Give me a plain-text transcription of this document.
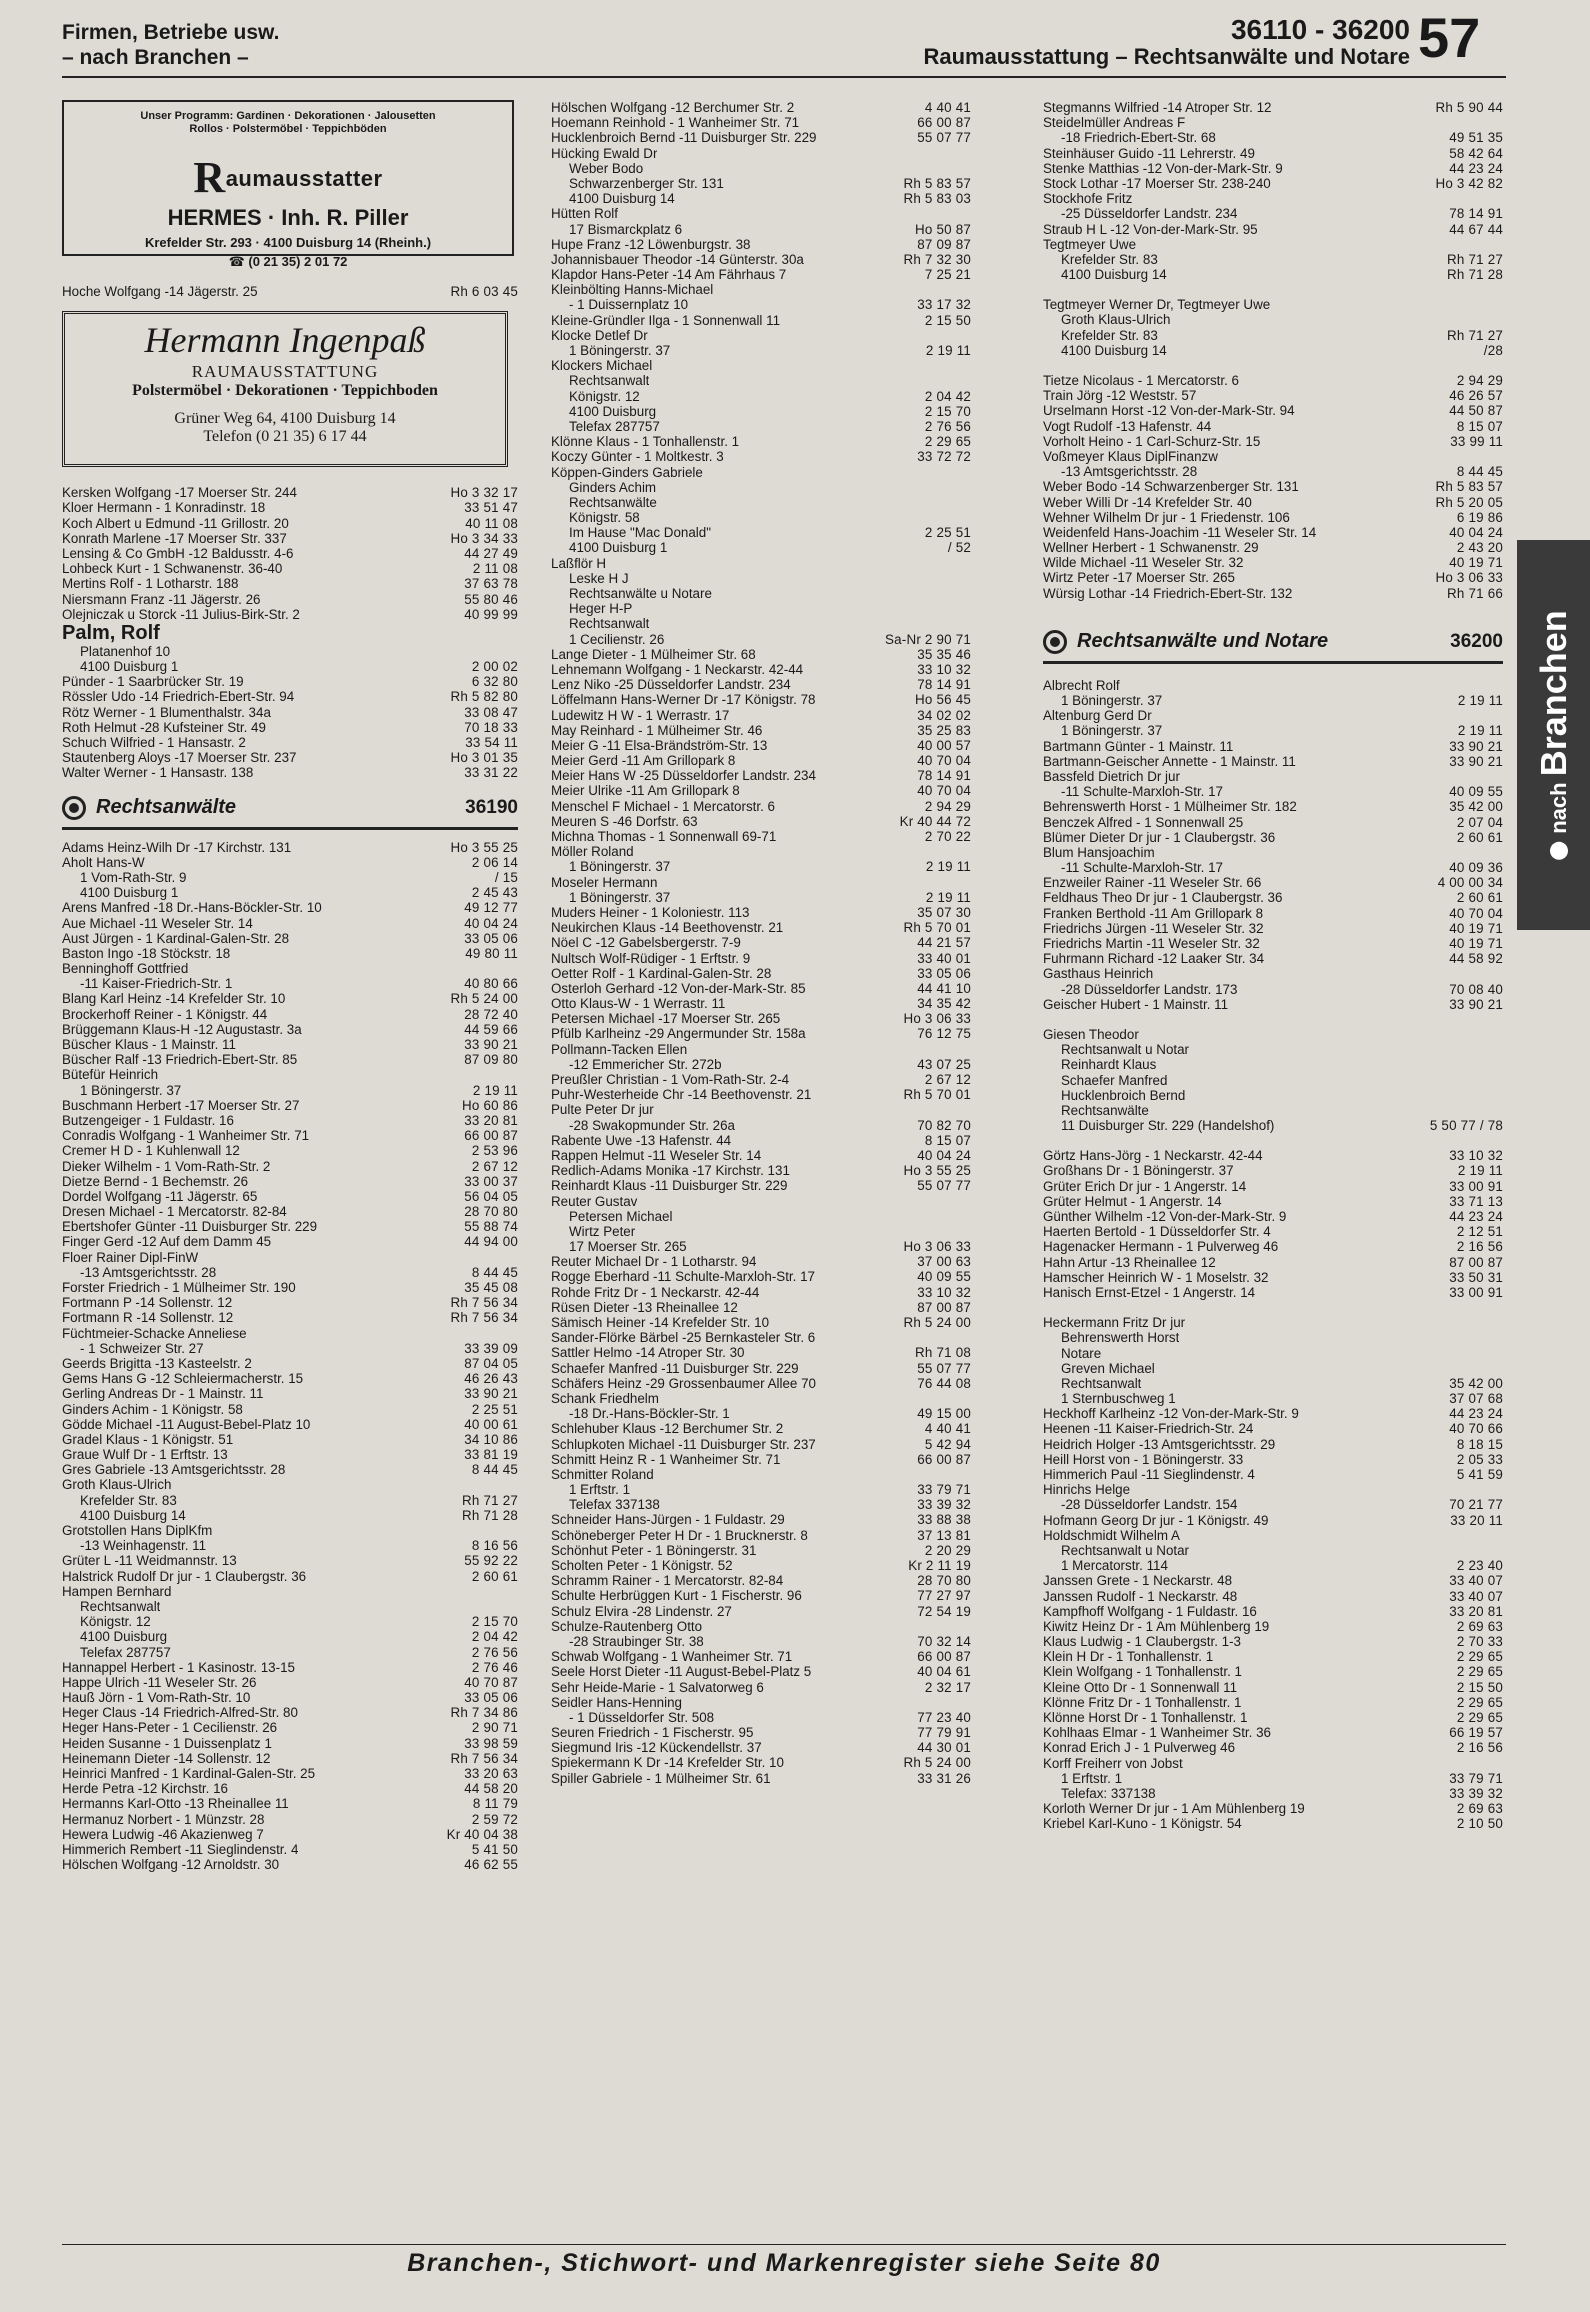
Firmen, Betriebe usw.
– nach Branchen –
36110 - 36200
Raumausstattung – Rechtsanwälte und Notare 57
Unser Programm: Gardinen · Dekorationen · Jalousetten
Rollos · Polstermöbel · Teppichböden
Raumausstatter
HERMES · Inh. R. Piller
Krefelder Str. 293 · 4100 Duisburg 14 (Rheinh.)
☎ (0 21 35) 2 01 72
Hoche Wolfgang -14 Jägerstr. 25	Rh 6 03 45
Hermann Ingenpaß
RAUMAUSSTATTUNG
Polstermöbel · Dekorationen · Teppichboden
Grüner Weg 64, 4100 Duisburg 14
Telefon (0 21 35) 6 17 44
Kersken Wolfgang -17 Moerser Str. 244	Ho 3 32 17
Kloer Hermann - 1 Konradinstr. 18	33 51 47
Koch Albert u Edmund -11 Grillostr. 20	40 11 08
Konrath Marlene -17 Moerser Str. 337	Ho 3 34 33
Lensing & Co GmbH -12 Baldusstr. 4-6	44 27 49
Lohbeck Kurt - 1 Schwanenstr. 36-40	2 11 08
Mertins Rolf - 1 Lotharstr. 188	37 63 78
Niersmann Franz -11 Jägerstr. 26	55 80 46
Olejniczak u Storck -11 Julius-Birk-Str. 2	40 99 99
Palm, Rolf
Platanenhof 10
4100 Duisburg 1	2 00 02
Pünder - 1 Saarbrücker Str. 19	6 32 80
Rössler Udo -14 Friedrich-Ebert-Str. 94	Rh 5 82 80
Rötz Werner - 1 Blumenthalstr. 34a	33 08 47
Roth Helmut -28 Kufsteiner Str. 49	70 18 33
Schuch Wilfried - 1 Hansastr. 2	33 54 11
Stautenberg Aloys -17 Moerser Str. 237	Ho 3 01 35
Walter Werner - 1 Hansastr. 138	33 31 22
Rechtsanwälte	36190
Adams Heinz-Wilh Dr -17 Kirchstr. 131	Ho 3 55 25
Aholt Hans-W	2 06 14
1 Vom-Rath-Str. 9	/ 15
4100 Duisburg 1	2 45 43
Arens Manfred -18 Dr.-Hans-Böckler-Str. 10	49 12 77
Aue Michael -11 Weseler Str. 14	40 04 24
Aust Jürgen - 1 Kardinal-Galen-Str. 28	33 05 06
Baston Ingo -18 Stöckstr. 18	49 80 11
Benninghoff Gottfried
-11 Kaiser-Friedrich-Str. 1	40 80 66
Blang Karl Heinz -14 Krefelder Str. 10	Rh 5 24 00
Brockerhoff Reiner - 1 Königstr. 44	28 72 40
Brüggemann Klaus-H -12 Augustastr. 3a	44 59 66
Büscher Klaus - 1 Mainstr. 11	33 90 21
Büscher Ralf -13 Friedrich-Ebert-Str. 85	87 09 80
Bütefür Heinrich
1 Böningerstr. 37	2 19 11
Buschmann Herbert -17 Moerser Str. 27	Ho 60 86
Butzengeiger - 1 Fuldastr. 16	33 20 81
Conradis Wolfgang - 1 Wanheimer Str. 71	66 00 87
Cremer H D - 1 Kuhlenwall 12	2 53 96
Dieker Wilhelm - 1 Vom-Rath-Str. 2	2 67 12
Dietze Bernd - 1 Bechemstr. 26	33 00 37
Dordel Wolfgang -11 Jägerstr. 65	56 04 05
Dresen Michael - 1 Mercatorstr. 82-84	28 70 80
Ebertshofer Günter -11 Duisburger Str. 229	55 88 74
Finger Gerd -12 Auf dem Damm 45	44 94 00
Floer Rainer Dipl-FinW
-13 Amtsgerichtsstr. 28	8 44 45
Forster Friedrich - 1 Mülheimer Str. 190	35 45 08
Fortmann P -14 Sollenstr. 12	Rh 7 56 34
Fortmann R -14 Sollenstr. 12	Rh 7 56 34
Füchtmeier-Schacke Anneliese
- 1 Schweizer Str. 27	33 39 09
Geerds Brigitta -13 Kasteelstr. 2	87 04 05
Gems Hans G -12 Schleiermacherstr. 15	46 26 43
Gerling Andreas Dr - 1 Mainstr. 11	33 90 21
Ginders Achim - 1 Königstr. 58	2 25 51
Gödde Michael -11 August-Bebel-Platz 10	40 00 61
Gradel Klaus - 1 Königstr. 51	34 10 86
Graue Wulf Dr - 1 Erftstr. 13	33 81 19
Gres Gabriele -13 Amtsgerichtsstr. 28	8 44 45
Groth Klaus-Ulrich
Krefelder Str. 83	Rh 71 27
4100 Duisburg 14	Rh 71 28
Grotstollen Hans DiplKfm
-13 Weinhagenstr. 11	8 16 56
Grüter L -11 Weidmannstr. 13	55 92 22
Halstrick Rudolf Dr jur - 1 Claubergstr. 36	2 60 61
Hampen Bernhard
Rechtsanwalt
Königstr. 12	2 15 70
4100 Duisburg	2 04 42
Telefax 287757	2 76 56
Hannappel Herbert - 1 Kasinostr. 13-15	2 76 46
Happe Ulrich -11 Weseler Str. 26	40 70 87
Hauß Jörn - 1 Vom-Rath-Str. 10	33 05 06
Heger Claus -14 Friedrich-Alfred-Str. 80	Rh 7 34 86
Heger Hans-Peter - 1 Cecilienstr. 26	2 90 71
Heiden Susanne - 1 Duissenplatz 1	33 98 59
Heinemann Dieter -14 Sollenstr. 12	Rh 7 56 34
Heinrici Manfred - 1 Kardinal-Galen-Str. 25	33 20 63
Herde Petra -12 Kirchstr. 16	44 58 20
Hermanns Karl-Otto -13 Rheinallee 11	8 11 79
Hermanuz Norbert - 1 Münzstr. 28	2 59 72
Hewera Ludwig -46 Akazienweg 7	Kr 40 04 38
Himmerich Rembert -11 Sieglindenstr. 4	5 41 50
Hölschen Wolfgang -12 Arnoldstr. 30	46 62 55
Hölschen Wolfgang -12 Berchumer Str. 2	4 40 41
Hoemann Reinhold - 1 Wanheimer Str. 71	66 00 87
Hucklenbroich Bernd -11 Duisburger Str. 229	55 07 77
Hücking Ewald Dr
Weber Bodo
Schwarzenberger Str. 131	Rh 5 83 57
4100 Duisburg 14	Rh 5 83 03
Hütten Rolf
17 Bismarckplatz 6	Ho 50 87
Hupe Franz -12 Löwenburgstr. 38	87 09 87
Johannisbauer Theodor -14 Günterstr. 30a	Rh 7 32 30
Klapdor Hans-Peter -14 Am Fährhaus 7	7 25 21
Kleinbölting Hanns-Michael
- 1 Duissernplatz 10	33 17 32
Kleine-Gründler Ilga - 1 Sonnenwall 11	2 15 50
Klocke Detlef Dr
1 Böningerstr. 37	2 19 11
Klockers Michael
Rechtsanwalt
Königstr. 12	2 04 42
4100 Duisburg	2 15 70
Telefax 287757	2 76 56
Klönne Klaus - 1 Tonhallenstr. 1	2 29 65
Koczy Günter - 1 Moltkestr. 3	33 72 72
Köppen-Ginders Gabriele
Ginders Achim
Rechtsanwälte
Königstr. 58
Im Hause "Mac Donald"	2 25 51
4100 Duisburg 1	/ 52
Laßflör H
Leske H J
Rechtsanwälte u Notare
Heger H-P
Rechtsanwalt
1 Cecilienstr. 26	Sa-Nr 2 90 71
Lange Dieter - 1 Mülheimer Str. 68	35 35 46
Lehnemann Wolfgang - 1 Neckarstr. 42-44	33 10 32
Lenz Niko -25 Düsseldorfer Landstr. 234	78 14 91
Löffelmann Hans-Werner Dr -17 Königstr. 78	Ho 56 45
Ludewitz H W - 1 Werrastr. 17	34 02 02
May Reinhard - 1 Mülheimer Str. 46	35 25 83
Meier G -11 Elsa-Brändström-Str. 13	40 00 57
Meier Gerd -11 Am Grillopark 8	40 70 04
Meier Hans W -25 Düsseldorfer Landstr. 234	78 14 91
Meier Ulrike -11 Am Grillopark 8	40 70 04
Menschel F Michael - 1 Mercatorstr. 6	2 94 29
Meuren S -46 Dorfstr. 63	Kr 40 44 72
Michna Thomas - 1 Sonnenwall 69-71	2 70 22
Möller Roland
1 Böningerstr. 37	2 19 11
Moseler Hermann
1 Böningerstr. 37	2 19 11
Muders Heiner - 1 Koloniestr. 113	35 07 30
Neukirchen Klaus -14 Beethovenstr. 21	Rh 5 70 01
Nöel C -12 Gabelsbergerstr. 7-9	44 21 57
Nultsch Wolf-Rüdiger - 1 Erftstr. 9	33 40 01
Oetter Rolf - 1 Kardinal-Galen-Str. 28	33 05 06
Osterloh Gerhard -12 Von-der-Mark-Str. 85	44 41 10
Otto Klaus-W - 1 Werrastr. 11	34 35 42
Petersen Michael -17 Moerser Str. 265	Ho 3 06 33
Pfülb Karlheinz -29 Angermunder Str. 158a	76 12 75
Pollmann-Tacken Ellen
-12 Emmericher Str. 272b	43 07 25
Preußler Christian - 1 Vom-Rath-Str. 2-4	2 67 12
Puhr-Westerheide Chr -14 Beethovenstr. 21	Rh 5 70 01
Pulte Peter Dr jur
-28 Swakopmunder Str. 26a	70 82 70
Rabente Uwe -13 Hafenstr. 44	8 15 07
Rappen Helmut -11 Weseler Str. 14	40 04 24
Redlich-Adams Monika -17 Kirchstr. 131	Ho 3 55 25
Reinhardt Klaus -11 Duisburger Str. 229	55 07 77
Reuter Gustav
Petersen Michael
Wirtz Peter
17 Moerser Str. 265	Ho 3 06 33
Reuter Michael Dr - 1 Lotharstr. 94	37 00 63
Rogge Eberhard -11 Schulte-Marxloh-Str. 17	40 09 55
Rohde Fritz Dr - 1 Neckarstr. 42-44	33 10 32
Rüsen Dieter -13 Rheinallee 12	87 00 87
Sämisch Heiner -14 Krefelder Str. 10	Rh 5 24 00
Sander-Flörke Bärbel -25 Bernkasteler Str. 6
Sattler Helmo -14 Atroper Str. 30	Rh 71 08
Schaefer Manfred -11 Duisburger Str. 229	55 07 77
Schäfers Heinz -29 Grossenbaumer Allee 70	76 44 08
Schank Friedhelm
-18 Dr.-Hans-Böckler-Str. 1	49 15 00
Schlehuber Klaus -12 Berchumer Str. 2	4 40 41
Schlupkoten Michael -11 Duisburger Str. 237	5 42 94
Schmitt Heinz R - 1 Wanheimer Str. 71	66 00 87
Schmitter Roland
1 Erftstr. 1	33 79 71
Telefax 337138	33 39 32
Schneider Hans-Jürgen - 1 Fuldastr. 29	33 88 38
Schöneberger Peter H Dr - 1 Brucknerstr. 8	37 13 81
Schönhut Peter - 1 Böningerstr. 31	2 20 29
Scholten Peter - 1 Königstr. 52	Kr 2 11 19
Schramm Rainer - 1 Mercatorstr. 82-84	28 70 80
Schulte Herbrüggen Kurt - 1 Fischerstr. 96	77 27 97
Schulz Elvira -28 Lindenstr. 27	72 54 19
Schulze-Rautenberg Otto
-28 Straubinger Str. 38	70 32 14
Schwab Wolfgang - 1 Wanheimer Str. 71	66 00 87
Seele Horst Dieter -11 August-Bebel-Platz 5	40 04 61
Sehr Heide-Marie - 1 Salvatorweg 6	2 32 17
Seidler Hans-Henning
- 1 Düsseldorfer Str. 508	77 23 40
Seuren Friedrich - 1 Fischerstr. 95	77 79 91
Siegmund Iris -12 Kückendellstr. 37	44 30 01
Spiekermann K Dr -14 Krefelder Str. 10	Rh 5 24 00
Spiller Gabriele - 1 Mülheimer Str. 61	33 31 26
Stegmanns Wilfried -14 Atroper Str. 12	Rh 5 90 44
Steidelmüller Andreas F
-18 Friedrich-Ebert-Str. 68	49 51 35
Steinhäuser Guido -11 Lehrerstr. 49	58 42 64
Stenke Matthias -12 Von-der-Mark-Str. 9	44 23 24
Stock Lothar -17 Moerser Str. 238-240	Ho 3 42 82
Stockhofe Fritz
-25 Düsseldorfer Landstr. 234	78 14 91
Straub H L -12 Von-der-Mark-Str. 95	44 67 44
Tegtmeyer Uwe
Krefelder Str. 83	Rh 71 27
4100 Duisburg 14	Rh 71 28
Tegtmeyer Werner Dr, Tegtmeyer Uwe
Groth Klaus-Ulrich
Krefelder Str. 83	Rh 71 27
4100 Duisburg 14	/28
Tietze Nicolaus - 1 Mercatorstr. 6	2 94 29
Train Jörg -12 Weststr. 57	46 26 57
Urselmann Horst -12 Von-der-Mark-Str. 94	44 50 87
Vogt Rudolf -13 Hafenstr. 44	8 15 07
Vorholt Heino - 1 Carl-Schurz-Str. 15	33 99 11
Voßmeyer Klaus DiplFinanzw
-13 Amtsgerichtsstr. 28	8 44 45
Weber Bodo -14 Schwarzenberger Str. 131	Rh 5 83 57
Weber Willi Dr -14 Krefelder Str. 40	Rh 5 20 05
Wehner Wilhelm Dr jur - 1 Friedenstr. 106	6 19 86
Weidenfeld Hans-Joachim -11 Weseler Str. 14	40 04 24
Wellner Herbert - 1 Schwanenstr. 29	2 43 20
Wilde Michael -11 Weseler Str. 32	40 19 71
Wirtz Peter -17 Moerser Str. 265	Ho 3 06 33
Würsig Lothar -14 Friedrich-Ebert-Str. 132	Rh 71 66
Rechtsanwälte und Notare	36200
Albrecht Rolf
1 Böningerstr. 37	2 19 11
Altenburg Gerd Dr
1 Böningerstr. 37	2 19 11
Bartmann Günter - 1 Mainstr. 11	33 90 21
Bartmann-Geischer Annette - 1 Mainstr. 11	33 90 21
Bassfeld Dietrich Dr jur
-11 Schulte-Marxloh-Str. 17	40 09 55
Behrenswerth Horst - 1 Mülheimer Str. 182	35 42 00
Benczek Alfred - 1 Sonnenwall 25	2 07 04
Blümer Dieter Dr jur - 1 Claubergstr. 36	2 60 61
Blum Hansjoachim
-11 Schulte-Marxloh-Str. 17	40 09 36
Enzweiler Rainer -11 Weseler Str. 66	4 00 00 34
Feldhaus Theo Dr jur - 1 Claubergstr. 36	2 60 61
Franken Berthold -11 Am Grillopark 8	40 70 04
Friedrichs Jürgen -11 Weseler Str. 32	40 19 71
Friedrichs Martin -11 Weseler Str. 32	40 19 71
Fuhrmann Richard -12 Laaker Str. 34	44 58 92
Gasthaus Heinrich
-28 Düsseldorfer Landstr. 173	70 08 40
Geischer Hubert - 1 Mainstr. 11	33 90 21
Giesen Theodor
Rechtsanwalt u Notar
Reinhardt Klaus
Schaefer Manfred
Hucklenbroich Bernd
Rechtsanwälte
11 Duisburger Str. 229 (Handelshof)	5 50 77 / 78
Görtz Hans-Jörg - 1 Neckarstr. 42-44	33 10 32
Großhans Dr - 1 Böningerstr. 37	2 19 11
Grüter Erich Dr jur - 1 Angerstr. 14	33 00 91
Grüter Helmut - 1 Angerstr. 14	33 71 13
Günther Wilhelm -12 Von-der-Mark-Str. 9	44 23 24
Haerten Bertold - 1 Düsseldorfer Str. 4	2 12 51
Hagenacker Hermann - 1 Pulverweg 46	2 16 56
Hahn Artur -13 Rheinallee 12	87 00 87
Hamscher Heinrich W - 1 Moselstr. 32	33 50 31
Hanisch Ernst-Etzel - 1 Angerstr. 14	33 00 91
Heckermann Fritz Dr jur
Behrenswerth Horst
Notare
Greven Michael
Rechtsanwalt	35 42 00
1 Sternbuschweg 1	37 07 68
Heckhoff Karlheinz -12 Von-der-Mark-Str. 9	44 23 24
Heenen -11 Kaiser-Friedrich-Str. 24	40 70 66
Heidrich Holger -13 Amtsgerichtsstr. 29	8 18 15
Heill Horst von - 1 Böningerstr. 33	2 05 33
Himmerich Paul -11 Sieglindenstr. 4	5 41 59
Hinrichs Helge
-28 Düsseldorfer Landstr. 154	70 21 77
Hofmann Georg Dr jur - 1 Königstr. 49	33 20 11
Holdschmidt Wilhelm A
Rechtsanwalt u Notar
1 Mercatorstr. 114	2 23 40
Janssen Grete - 1 Neckarstr. 48	33 40 07
Janssen Rudolf - 1 Neckarstr. 48	33 40 07
Kampfhoff Wolfgang - 1 Fuldastr. 16	33 20 81
Kiwitz Heinz Dr - 1 Am Mühlenberg 19	2 69 63
Klaus Ludwig - 1 Claubergstr. 1-3	2 70 33
Klein H Dr - 1 Tonhallenstr. 1	2 29 65
Klein Wolfgang - 1 Tonhallenstr. 1	2 29 65
Kleine Otto Dr - 1 Sonnenwall 11	2 15 50
Klönne Fritz Dr - 1 Tonhallenstr. 1	2 29 65
Klönne Horst Dr - 1 Tonhallenstr. 1	2 29 65
Kohlhaas Elmar - 1 Wanheimer Str. 36	66 19 57
Konrad Erich J - 1 Pulverweg 46	2 16 56
Korff Freiherr von Jobst
1 Erftstr. 1	33 79 71
Telefax: 337138	33 39 32
Korloth Werner Dr jur - 1 Am Mühlenberg 19	2 69 63
Kriebel Karl-Kuno - 1 Königstr. 54	2 10 50
nach Branchen
Branchen-, Stichwort- und Markenregister siehe Seite 80
